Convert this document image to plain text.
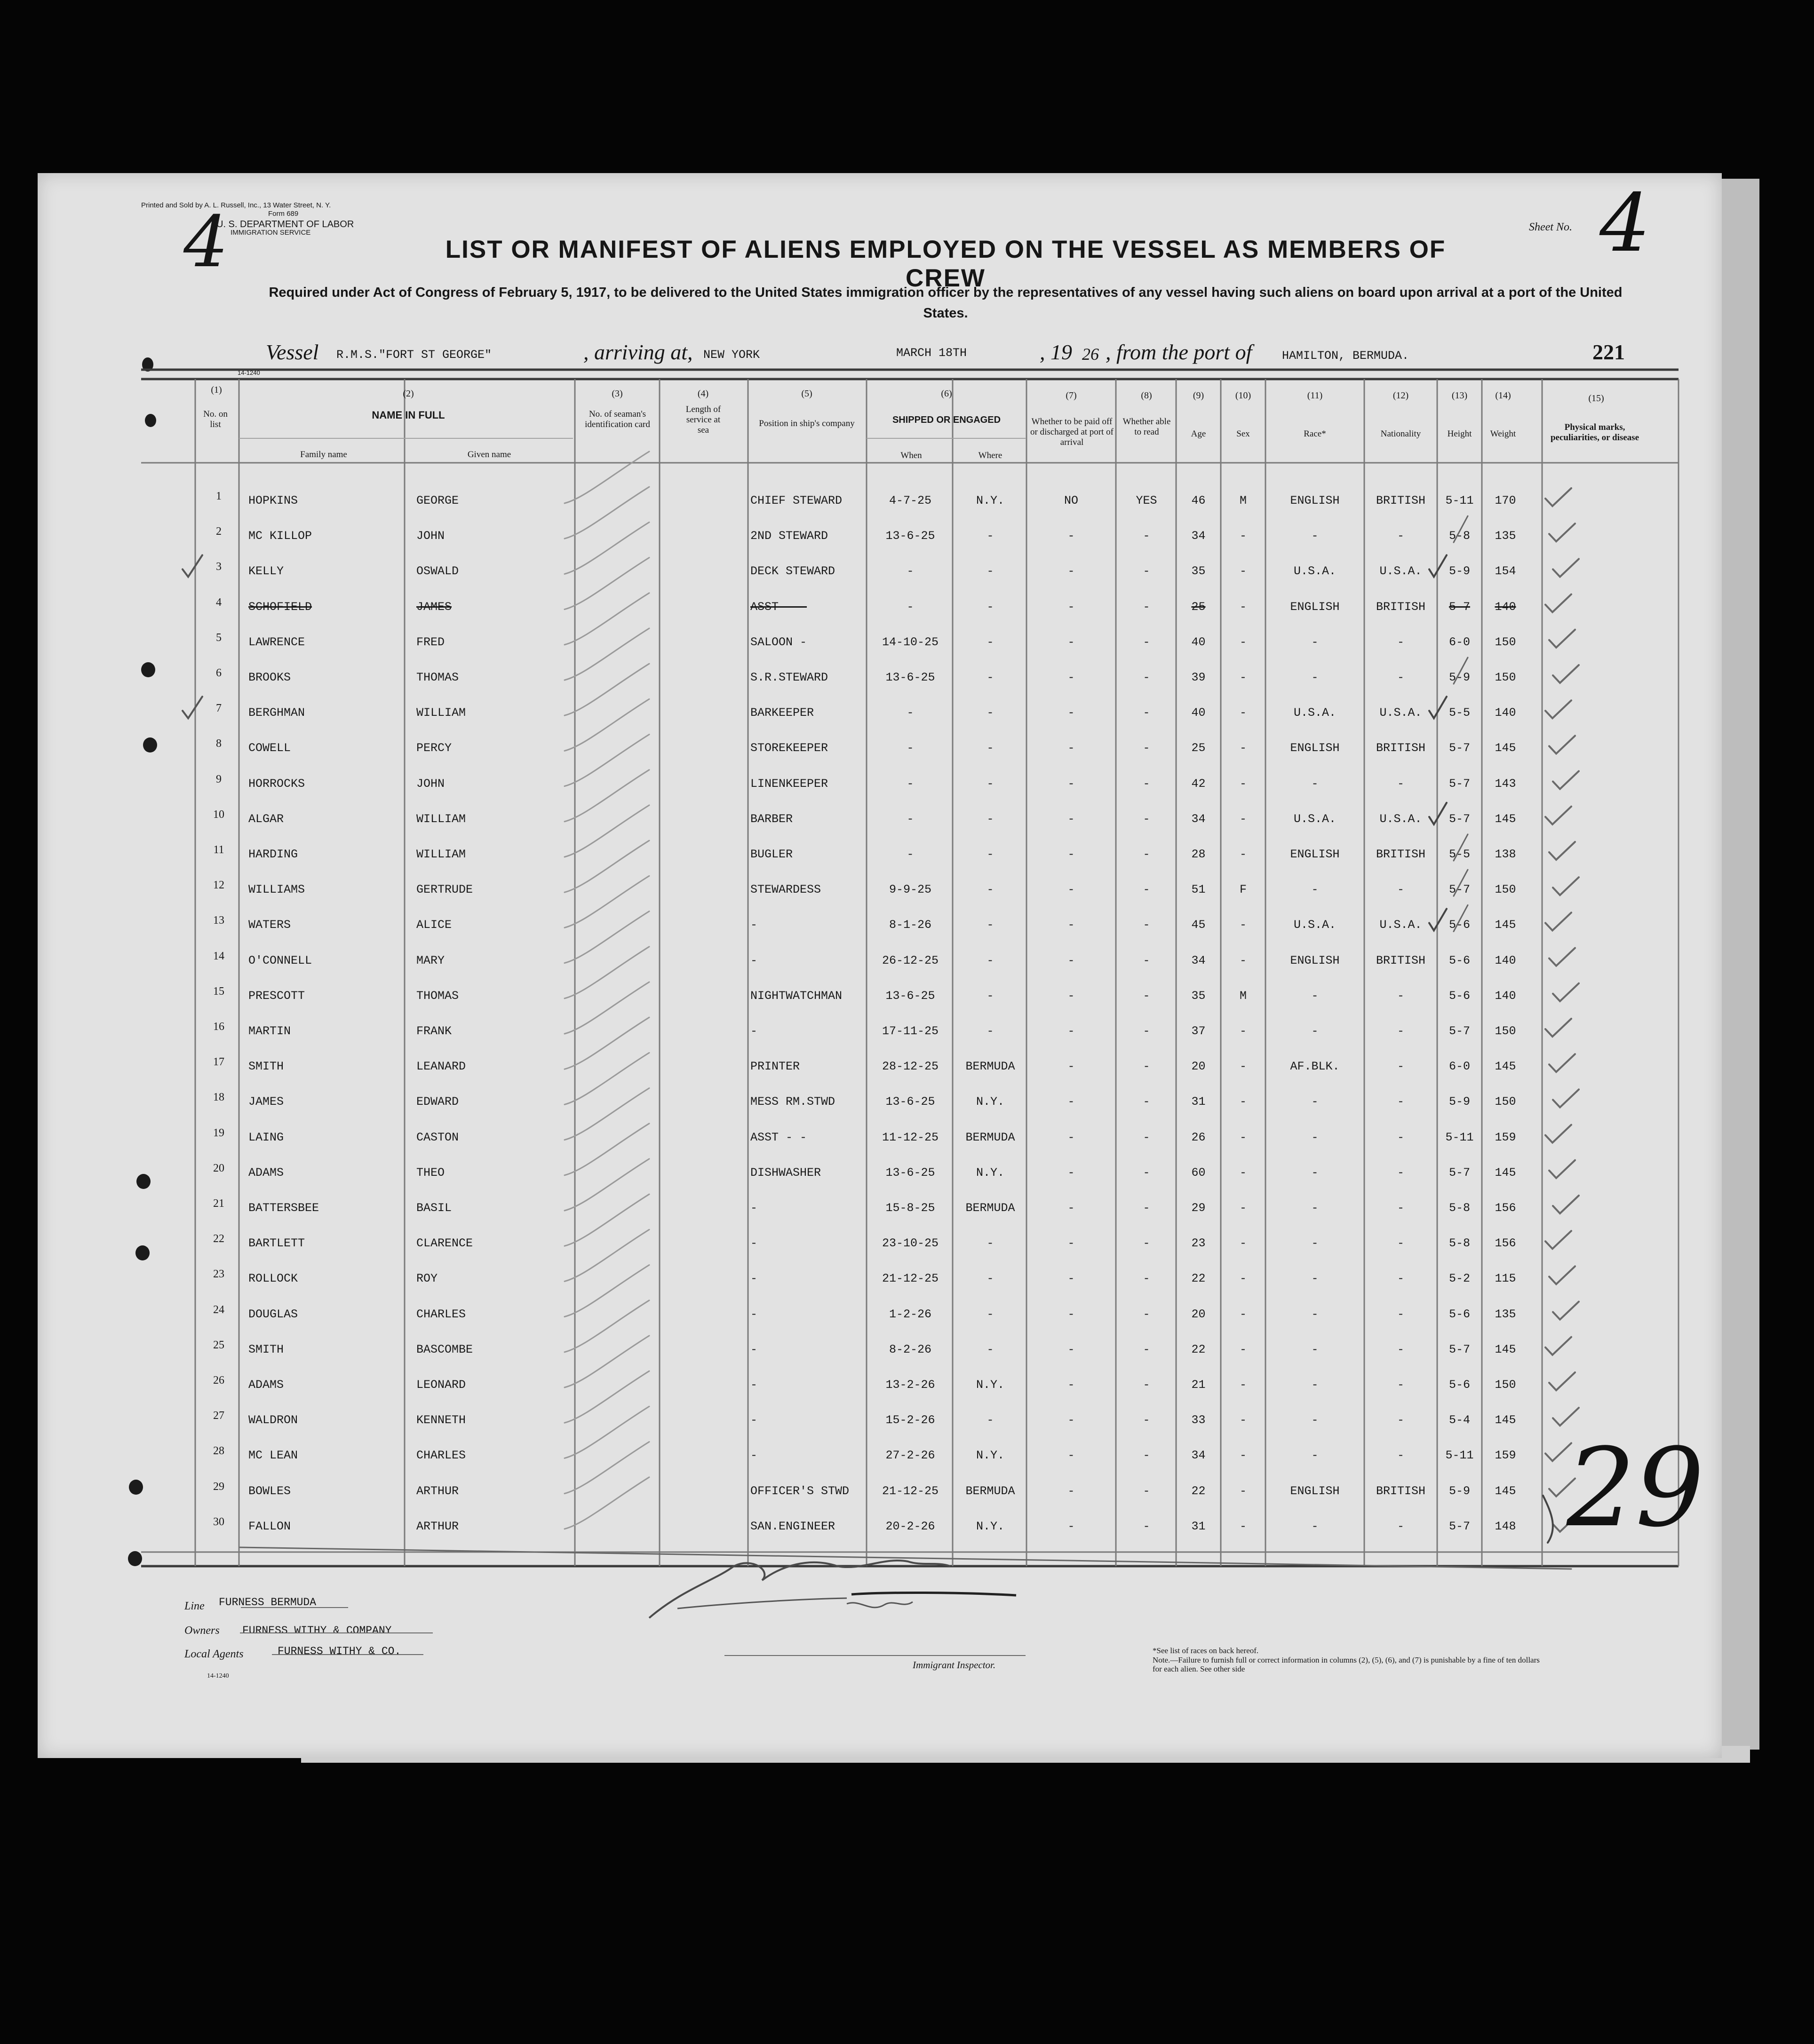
Printed and Sold by A. L. Russell, Inc., 13 Water Street, N. Y.
Form 689
U. S. DEPARTMENT OF LABOR
IMMIGRATION SERVICE
4	LIST OR MANIFEST OF ALIENS EMPLOYED ON THE VESSEL AS MEMBERS OF CREW
Required under Act of Congress of February 5, 1917, to be delivered to the United States immigration officer by the representatives of any vessel having such aliens on board upon arrival at a port of the United States.
Sheet No. 4
14-1240
Vessel R.M.S."FORT ST GEORGE"	, arriving at, NEW YORK	MARCH 18TH	, 19 26 , from the port of	HAMILTON, BERMUDA.	221
(1)
No. on list
(2)
NAME IN FULL
Family name	Given name
(3)
No. of seaman's identification card
(4)
Length of service at sea
(5)
Position in ship's company
(6)
SHIPPED OR ENGAGED
When	Where
(7)
Whether to be paid off or discharged at port of arrival
(8)
Whether able to read
(9)
Age
(10)
Sex
(11)
Race*
(12)
Nationality
(13)
Height
(14)
Weight
(15)
Physical marks, peculiarities, or disease
1	HOPKINS	GEORGE	CHIEF STEWARD	4-7-25	N.Y.	NO	YES	46	M	ENGLISH	BRITISH	5-11	170
2	MC KILLOP	JOHN	2ND STEWARD	13-6-25	-	-	-	34	-	-	-	5-8	135
3	KELLY	OSWALD	DECK STEWARD	-	-	-	-	35	-	U.S.A.	U.S.A.	5-9	154
4	SCHOFIELD	JAMES	ASST - -	-	-	-	-	25	-	ENGLISH	BRITISH	5-7	140
5	LAWRENCE	FRED	SALOON -	14-10-25	-	-	-	40	-	-	-	6-0	150
6	BROOKS	THOMAS	S.R.STEWARD	13-6-25	-	-	-	39	-	-	-	5-9	150
7	BERGHMAN	WILLIAM	BARKEEPER	-	-	-	-	40	-	U.S.A.	U.S.A.	5-5	140
8	COWELL	PERCY	STOREKEEPER	-	-	-	-	25	-	ENGLISH	BRITISH	5-7	145
9	HORROCKS	JOHN	LINENKEEPER	-	-	-	-	42	-	-	-	5-7	143
10	ALGAR	WILLIAM	BARBER	-	-	-	-	34	-	U.S.A.	U.S.A.	5-7	145
11	HARDING	WILLIAM	BUGLER	-	-	-	-	28	-	ENGLISH	BRITISH	5-5	138
12	WILLIAMS	GERTRUDE	STEWARDESS	9-9-25	-	-	-	51	F	-	-	5-7	150
13	WATERS	ALICE	-	8-1-26	-	-	-	45	-	U.S.A.	U.S.A.	5-6	145
14	O'CONNELL	MARY	-	26-12-25	-	-	-	34	-	ENGLISH	BRITISH	5-6	140
15	PRESCOTT	THOMAS	NIGHTWATCHMAN	13-6-25	-	-	-	35	M	-	-	5-6	140
16	MARTIN	FRANK	-	17-11-25	-	-	-	37	-	-	-	5-7	150
17	SMITH	LEANARD	PRINTER	28-12-25	BERMUDA	-	-	20	-	AF.BLK.	-	6-0	145
18	JAMES	EDWARD	MESS RM.STWD	13-6-25	N.Y.	-	-	31	-	-	-	5-9	150
19	LAING	CASTON	ASST - -	11-12-25	BERMUDA	-	-	26	-	-	-	5-11	159
20	ADAMS	THEO	DISHWASHER	13-6-25	N.Y.	-	-	60	-	-	-	5-7	145
21	BATTERSBEE	BASIL	-	15-8-25	BERMUDA	-	-	29	-	-	-	5-8	156
22	BARTLETT	CLARENCE	-	23-10-25	-	-	-	23	-	-	-	5-8	156
23	ROLLOCK	ROY	-	21-12-25	-	-	-	22	-	-	-	5-2	115
24	DOUGLAS	CHARLES	-	1-2-26	-	-	-	20	-	-	-	5-6	135
25	SMITH	BASCOMBE	-	8-2-26	-	-	-	22	-	-	-	5-7	145
26	ADAMS	LEONARD	-	13-2-26	N.Y.	-	-	21	-	-	-	5-6	150
27	WALDRON	KENNETH	-	15-2-26	-	-	-	33	-	-	-	5-4	145
28	MC LEAN	CHARLES	-	27-2-26	N.Y.	-	-	34	-	-	-	5-11	159
29	BOWLES	ARTHUR	OFFICER'S STWD	21-12-25	BERMUDA	-	-	22	-	ENGLISH	BRITISH	5-9	145
30	FALLON	ARTHUR	SAN.ENGINEER	20-2-26	N.Y.	-	-	31	-	-	-	5-7	148 29
Line FURNESS BERMUDA
Owners FURNESS WITHY & COMPANY
Local Agents	FURNESS WITHY & CO.
14-1240
Immigrant Inspector.
*See list of races on back hereof.
Note.—Failure to furnish full or correct information in columns (2), (5), (6), and (7) is punishable by a fine of ten dollars for each alien. See other side
